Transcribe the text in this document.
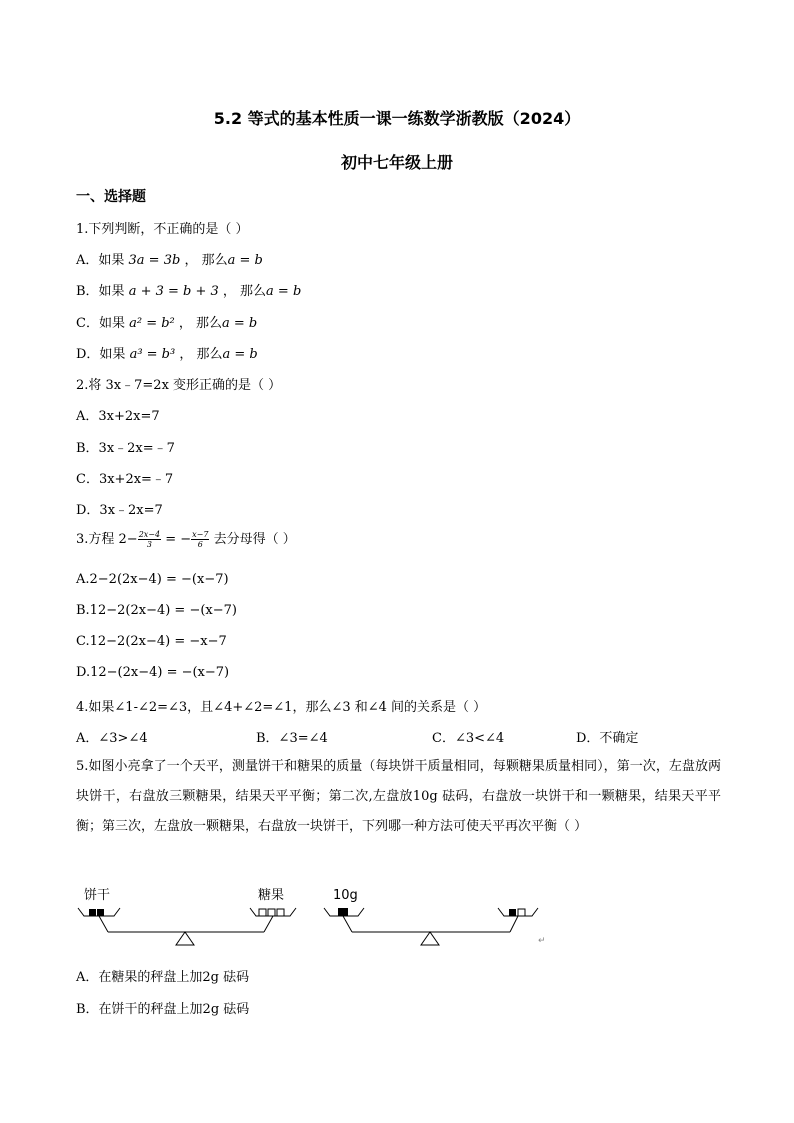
5.2 等式的基本性质一课一练数学浙教版（2024）
初中七年级上册
一、选择题
1.下列判断，不正确的是（ ）
A．如果 3a = 3b ， 那么a = b
B．如果 a + 3 = b + 3 ， 那么a = b
C．如果 a² = b² ， 那么a = b
D．如果 a³ = b³ ， 那么a = b
2.将 3x﹣7=2x 变形正确的是（ ）
A．3x+2x=7
B．3x﹣2x=﹣7
C．3x+2x=﹣7
D．3x﹣2x=7
3.方程 $2- \frac{2x-4}{3}$ = − $\frac{x-7}{6}$ 去分母得（ ）
A.2−2(2x−4) = −(x−7)
B.12−2(2x−4) = −(x−7)
C.12−2(2x−4) = −x−7
D.12−(2x−4) = −(x−7)
4.如果∠1-∠2=∠3，且∠4+∠2=∠1，那么∠3 和∠4 间的关系是（ ）
A．∠3>∠4	B．∠3=∠4	C．∠3<∠4	D．不确定
5.如图小亮拿了一个天平，测量饼干和糖果的质量（每块饼干质量相同，每颗糖果质量相同），第一次，左盘放两块饼干，右盘放三颗糖果，结果天平平衡；第二次,左盘放10g 砝码，右盘放一块饼干和一颗糖果，结果天平平衡；第三次，左盘放一颗糖果，右盘放一块饼干，下列哪一种方法可使天平再次平衡（ ）
饼干	糖果	10g
↵
A．在糖果的秤盘上加2g 砝码
B．在饼干的秤盘上加2g 砝码
